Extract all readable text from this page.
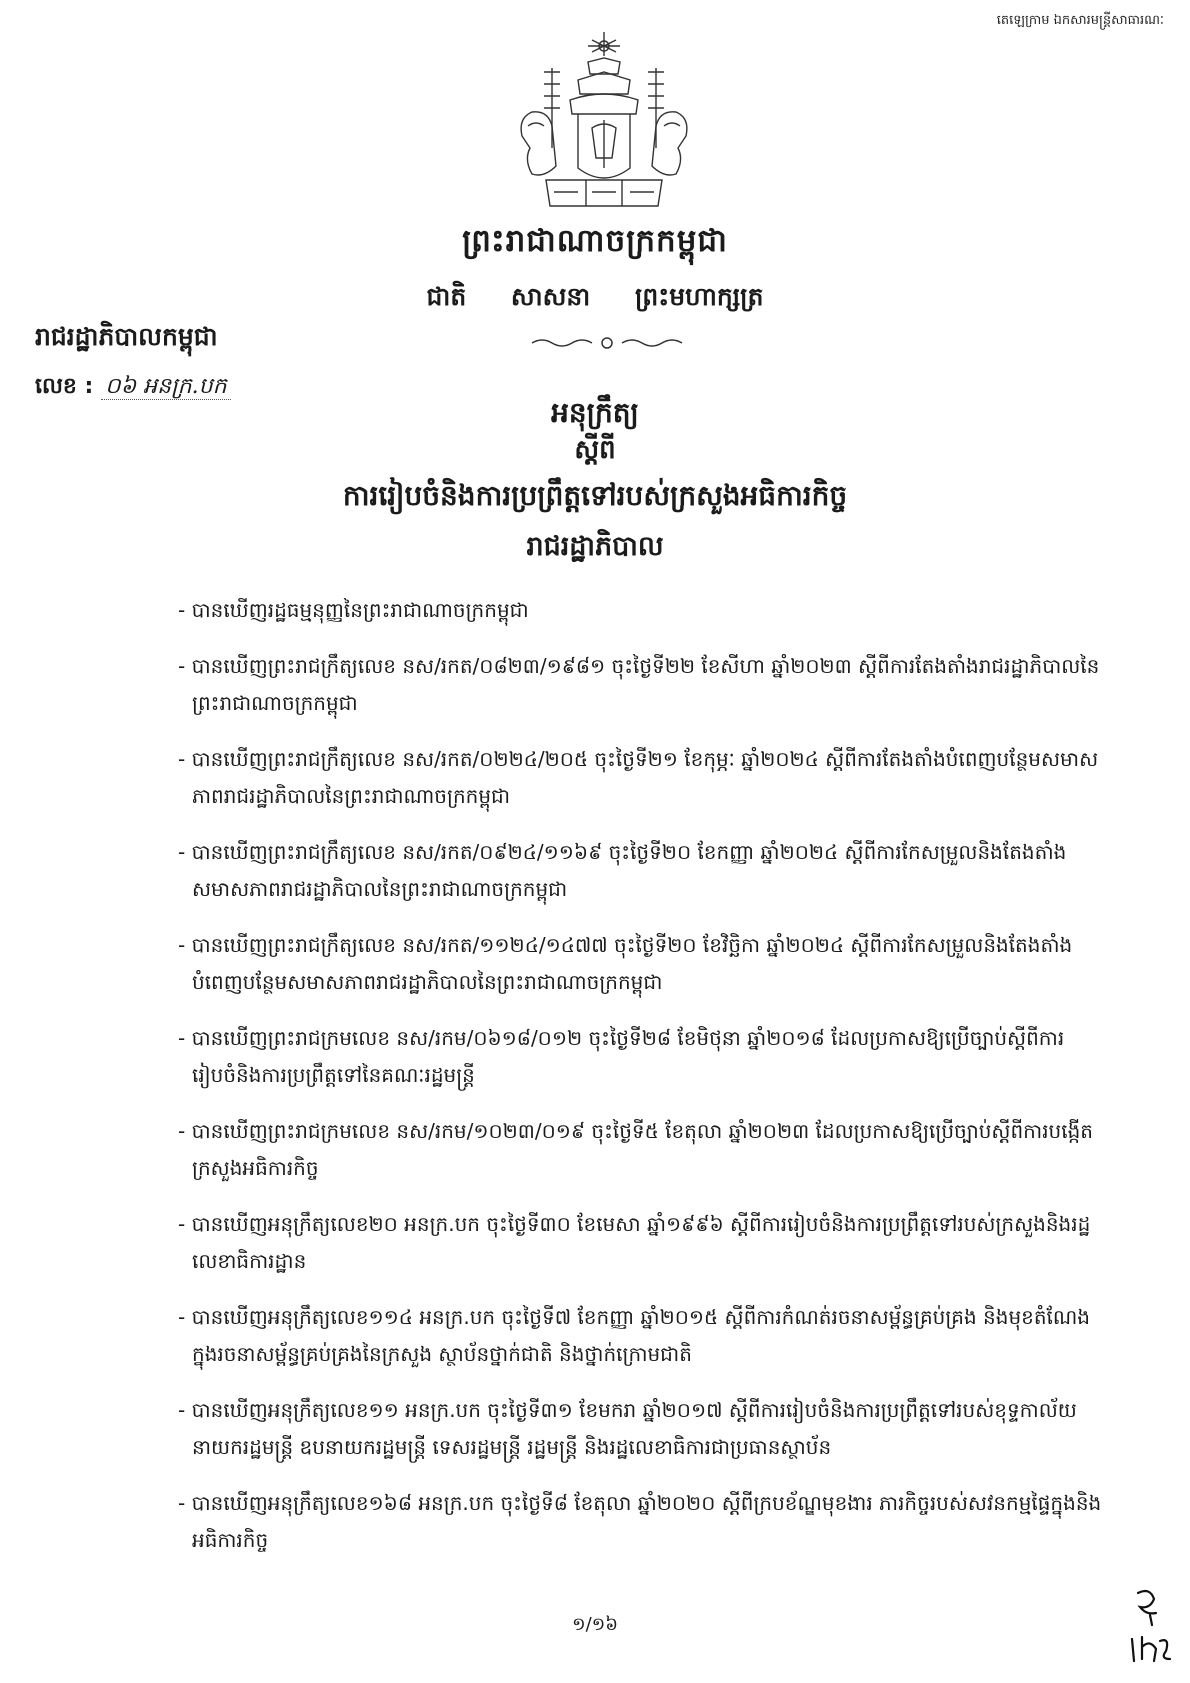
តេឡេក្រាម ឯកសារមន្ត្រីសាធារណៈ
ព្រះរាជាណាចក្រកម្ពុជា
ជាតិ សាសនា ព្រះមហាក្សត្រ
រាជរដ្ឋាភិបាលកម្ពុជា
លេខ : ០៦ អនក្រ.បក
អនុក្រឹត្យ
ស្តីពី
ការរៀបចំនិងការប្រព្រឹត្តទៅរបស់ក្រសួងអធិការកិច្ច
រាជរដ្ឋាភិបាល
- បានឃើញរដ្ឋធម្មនុញ្ញនៃព្រះរាជាណាចក្រកម្ពុជា
- បានឃើញព្រះរាជក្រឹត្យលេខ នស/រកត/០៨២៣/១៩៨១ ចុះថ្ងៃទី២២ ខែសីហា ឆ្នាំ២០២៣ ស្តីពីការតែងតាំងរាជរដ្ឋាភិបាលនៃព្រះរាជាណាចក្រកម្ពុជា
- បានឃើញព្រះរាជក្រឹត្យលេខ នស/រកត/០២២៤/២០៥ ចុះថ្ងៃទី២១ ខែកុម្ភៈ ឆ្នាំ២០២៤ ស្តីពីការតែងតាំងបំពេញបន្ថែមសមាសភាពរាជរដ្ឋាភិបាលនៃព្រះរាជាណាចក្រកម្ពុជា
- បានឃើញព្រះរាជក្រឹត្យលេខ នស/រកត/០៩២៤/១១៦៩ ចុះថ្ងៃទី២០ ខែកញ្ញា ឆ្នាំ២០២៤ ស្តីពីការកែសម្រួលនិងតែងតាំងសមាសភាពរាជរដ្ឋាភិបាលនៃព្រះរាជាណាចក្រកម្ពុជា
- បានឃើញព្រះរាជក្រឹត្យលេខ នស/រកត/១១២៤/១៤៧៧ ចុះថ្ងៃទី២០ ខែវិច្ឆិកា ឆ្នាំ២០២៤ ស្តីពីការកែសម្រួលនិងតែងតាំងបំពេញបន្ថែមសមាសភាពរាជរដ្ឋាភិបាលនៃព្រះរាជាណាចក្រកម្ពុជា
- បានឃើញព្រះរាជក្រមលេខ នស/រកម/០៦១៨/០១២ ចុះថ្ងៃទី២៨ ខែមិថុនា ឆ្នាំ២០១៨ ដែលប្រកាសឱ្យប្រើច្បាប់ស្តីពីការរៀបចំនិងការប្រព្រឹត្តទៅនៃគណៈរដ្ឋមន្ត្រី
- បានឃើញព្រះរាជក្រមលេខ នស/រកម/១០២៣/០១៩ ចុះថ្ងៃទី៥ ខែតុលា ឆ្នាំ២០២៣ ដែលប្រកាសឱ្យប្រើច្បាប់ស្តីពីការបង្កើតក្រសួងអធិការកិច្ច
- បានឃើញអនុក្រឹត្យលេខ២០ អនក្រ.បក ចុះថ្ងៃទី៣០ ខែមេសា ឆ្នាំ១៩៩៦ ស្តីពីការរៀបចំនិងការប្រព្រឹត្តទៅរបស់ក្រសួងនិងរដ្ឋលេខាធិការដ្ឋាន
- បានឃើញអនុក្រឹត្យលេខ១១៤ អនក្រ.បក ចុះថ្ងៃទី៧ ខែកញ្ញា ឆ្នាំ២០១៥ ស្តីពីការកំណត់រចនាសម្ព័ន្ធគ្រប់គ្រង និងមុខតំណែងក្នុងរចនាសម្ព័ន្ធគ្រប់គ្រងនៃក្រសួង ស្ថាប័នថ្នាក់ជាតិ និងថ្នាក់ក្រោមជាតិ
- បានឃើញអនុក្រឹត្យលេខ១១ អនក្រ.បក ចុះថ្ងៃទី៣១ ខែមករា ឆ្នាំ២០១៧ ស្តីពីការរៀបចំនិងការប្រព្រឹត្តទៅរបស់ខុទ្ទកាល័យនាយករដ្ឋមន្ត្រី ឧបនាយករដ្ឋមន្ត្រី ទេសរដ្ឋមន្ត្រី រដ្ឋមន្ត្រី និងរដ្ឋលេខាធិការជាប្រធានស្ថាប័ន
- បានឃើញអនុក្រឹត្យលេខ១៦៨ អនក្រ.បក ចុះថ្ងៃទី៨ ខែតុលា ឆ្នាំ២០២០ ស្តីពីក្របខ័ណ្ឌមុខងារ ភារកិច្ចរបស់សវនកម្មផ្ទៃក្នុងនិងអធិការកិច្ច
១/១៦
